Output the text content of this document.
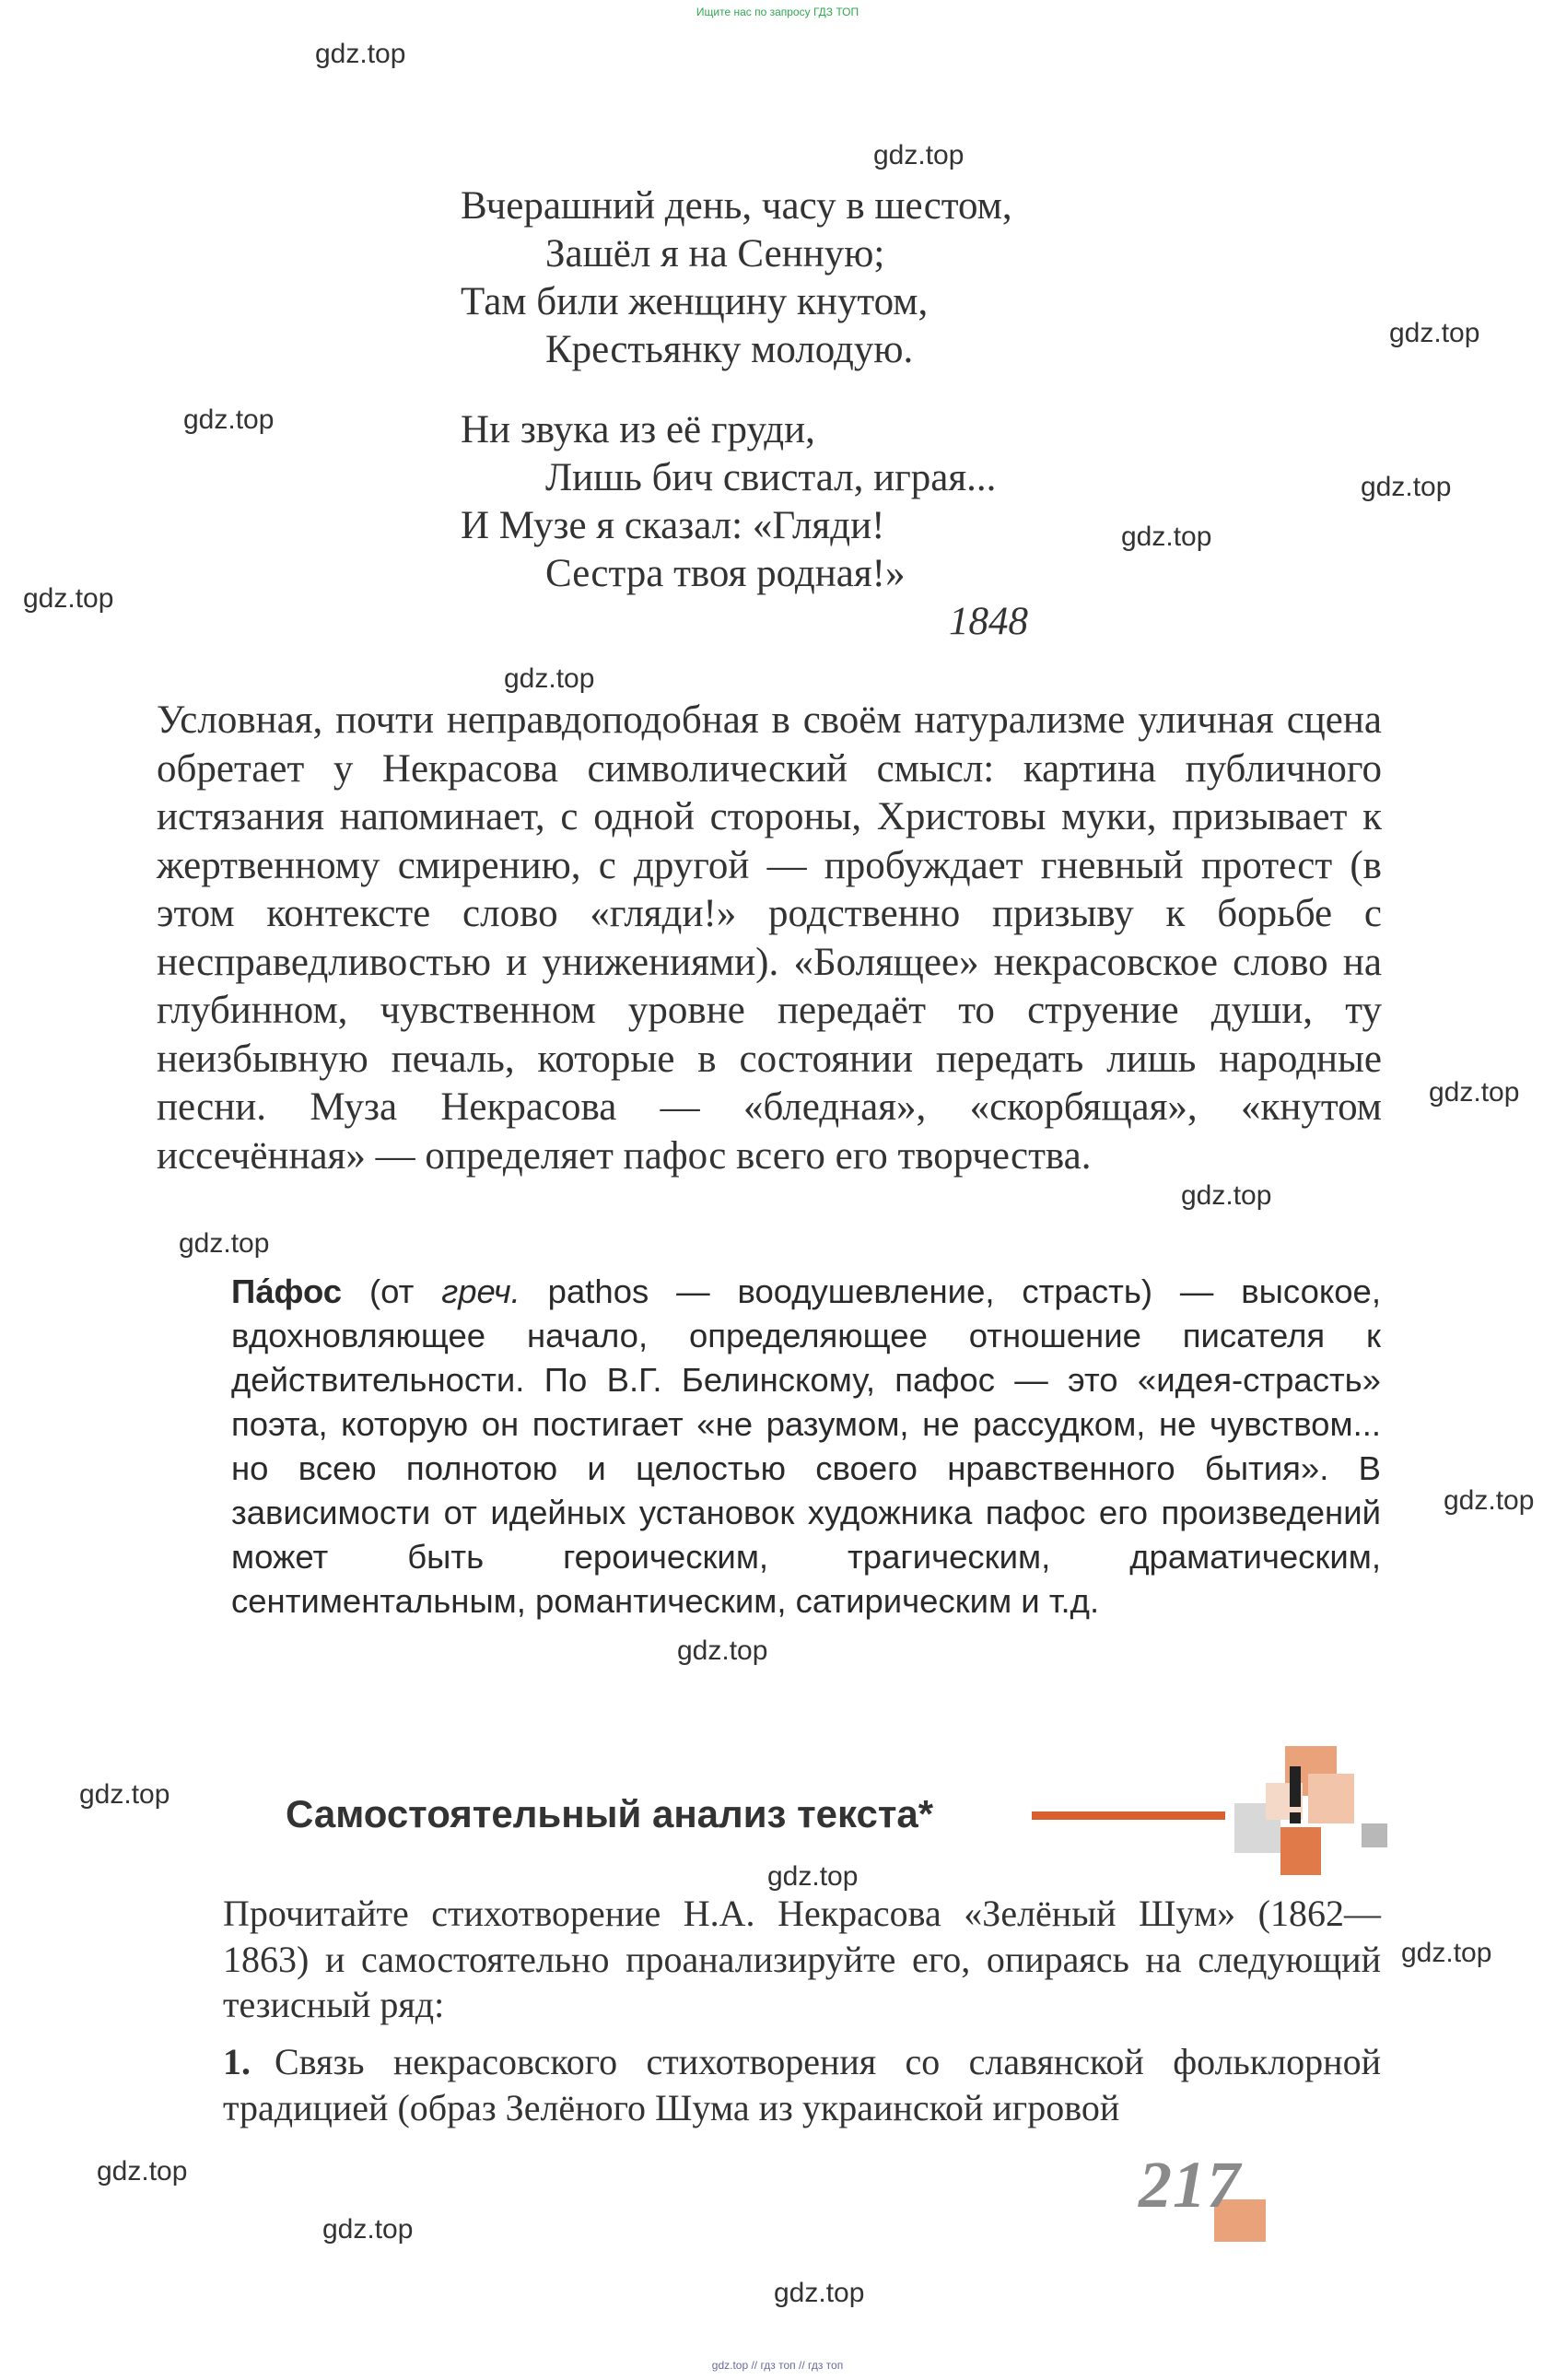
Ищите нас по запросу ГДЗ ТОП
gdz.top
gdz.top
gdz.top
gdz.top
gdz.top
gdz.top
gdz.top
gdz.top
gdz.top
gdz.top
gdz.top
gdz.top
gdz.top
gdz.top
gdz.top
gdz.top
gdz.top
gdz.top
gdz.top
Вчерашний день, часу в шестом,
Зашёл я на Сенную;
Там били женщину кнутом,
Крестьянку молодую.
Ни звука из её груди,
Лишь бич свистал, играя...
И Музе я сказал: «Гляди!
Сестра твоя родная!»
1848
Условная, почти неправдоподобная в своём натурализме уличная сцена обретает у Некрасова символический смысл: картина публичного истязания напоминает, с одной стороны, Христовы муки, призывает к жертвенному смирению, с другой — пробуждает гневный протест (в этом контексте слово «гляди!» родственно призыву к борьбе с несправедливостью и унижениями). «Болящее» некрасовское слово на глубинном, чувственном уровне передаёт то струение души, ту неизбывную печаль, которые в состоянии передать лишь народные песни. Муза Некрасова — «бледная», «скорбящая», «кнутом иссечённая» — определяет пафос всего его творчества.
Па́фос (от греч. pathos — воодушевление, страсть) — высокое, вдохновляющее начало, определяющее отношение писателя к действительности. По В.Г. Белинскому, пафос — это «идея-страсть» поэта, которую он постигает «не разумом, не рассудком, не чувством... но всею полнотою и целостью своего нравственного бытия». В зависимости от идейных установок художника пафос его произведений может быть героическим, трагическим, драматическим, сентиментальным, романтическим, сатирическим и т.д.
Самостоятельный анализ текста*
Прочитайте стихотворение Н.А. Некрасова «Зелёный Шум» (1862—1863) и самостоятельно проанализируйте его, опираясь на следующий тезисный ряд:
1. Связь некрасовского стихотворения со славянской фольклорной традицией (образ Зелёного Шума из украинской игровой
217
gdz.top // гдз топ // гдз топ
